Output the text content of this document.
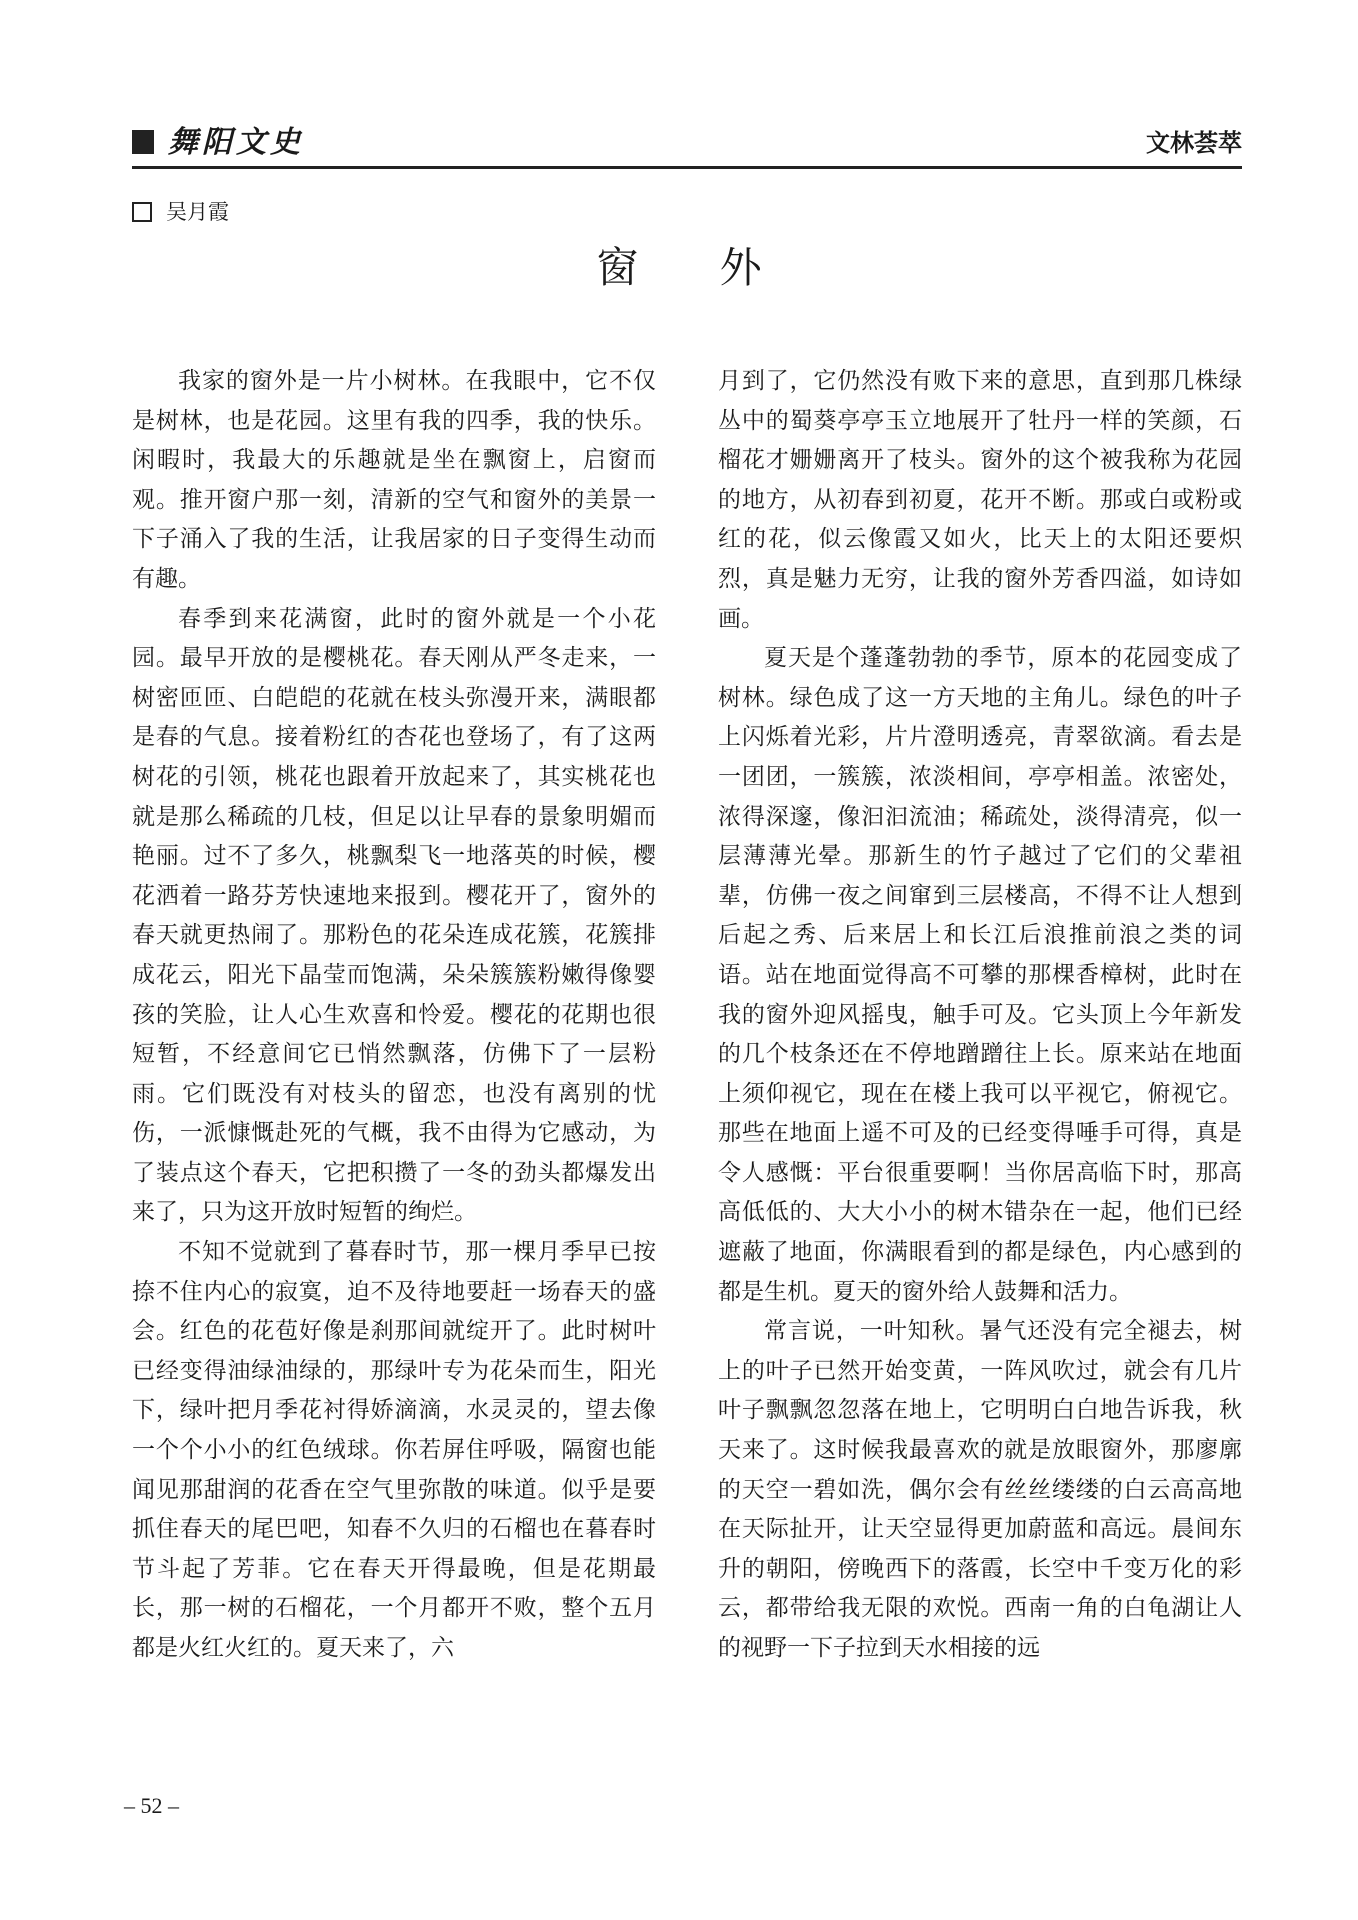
舞阳文史	文林荟萃
吴月霞
窗 外

我家的窗外是一片小树林。在我眼中，它不仅是树林，也是花园。这里有我的四季，我的快乐。闲暇时，我最大的乐趣就是坐在飘窗上，启窗而观。推开窗户那一刻，清新的空气和窗外的美景一下子涌入了我的生活，让我居家的日子变得生动而有趣。

春季到来花满窗，此时的窗外就是一个小花园。最早开放的是樱桃花。春天刚从严冬走来，一树密匝匝、白皑皑的花就在枝头弥漫开来，满眼都是春的气息。接着粉红的杏花也登场了，有了这两树花的引领，桃花也跟着开放起来了，其实桃花也就是那么稀疏的几枝，但足以让早春的景象明媚而艳丽。过不了多久，桃飘梨飞一地落英的时候，樱花洒着一路芬芳快速地来报到。樱花开了，窗外的春天就更热闹了。那粉色的花朵连成花簇，花簇排成花云，阳光下晶莹而饱满，朵朵簇簇粉嫩得像婴孩的笑脸，让人心生欢喜和怜爱。樱花的花期也很短暂，不经意间它已悄然飘落，仿佛下了一层粉雨。它们既没有对枝头的留恋，也没有离别的忧伤，一派慷慨赴死的气概，我不由得为它感动，为了装点这个春天，它把积攒了一冬的劲头都爆发出来了，只为这开放时短暂的绚烂。

不知不觉就到了暮春时节，那一棵月季早已按捺不住内心的寂寞，迫不及待地要赶一场春天的盛会。红色的花苞好像是刹那间就绽开了。此时树叶已经变得油绿油绿的，那绿叶专为花朵而生，阳光下，绿叶把月季花衬得娇滴滴，水灵灵的，望去像一个个小小的红色绒球。你若屏住呼吸，隔窗也能闻见那甜润的花香在空气里弥散的味道。似乎是要抓住春天的尾巴吧，知春不久归的石榴也在暮春时节斗起了芳菲。它在春天开得最晚，但是花期最长，那一树的石榴花，一个月都开不败，整个五月都是火红火红的。夏天来了，六

月到了，它仍然没有败下来的意思，直到那几株绿丛中的蜀葵亭亭玉立地展开了牡丹一样的笑颜，石榴花才姗姗离开了枝头。窗外的这个被我称为花园的地方，从初春到初夏，花开不断。那或白或粉或红的花，似云像霞又如火，比天上的太阳还要炽烈，真是魅力无穷，让我的窗外芳香四溢，如诗如画。

夏天是个蓬蓬勃勃的季节，原本的花园变成了树林。绿色成了这一方天地的主角儿。绿色的叶子上闪烁着光彩，片片澄明透亮，青翠欲滴。看去是一团团，一簇簇，浓淡相间，亭亭相盖。浓密处，浓得深邃，像汩汩流油；稀疏处，淡得清亮，似一层薄薄光晕。那新生的竹子越过了它们的父辈祖辈，仿佛一夜之间窜到三层楼高，不得不让人想到后起之秀、后来居上和长江后浪推前浪之类的词语。站在地面觉得高不可攀的那棵香樟树，此时在我的窗外迎风摇曳，触手可及。它头顶上今年新发的几个枝条还在不停地蹭蹭往上长。原来站在地面上须仰视它，现在在楼上我可以平视它，俯视它。那些在地面上遥不可及的已经变得唾手可得，真是令人感慨：平台很重要啊！当你居高临下时，那高高低低的、大大小小的树木错杂在一起，他们已经遮蔽了地面，你满眼看到的都是绿色，内心感到的都是生机。夏天的窗外给人鼓舞和活力。

常言说，一叶知秋。暑气还没有完全褪去，树上的叶子已然开始变黄，一阵风吹过，就会有几片叶子飘飘忽忽落在地上，它明明白白地告诉我，秋天来了。这时候我最喜欢的就是放眼窗外，那廖廓的天空一碧如洗，偶尔会有丝丝缕缕的白云高高地在天际扯开，让天空显得更加蔚蓝和高远。晨间东升的朝阳，傍晚西下的落霞，长空中千变万化的彩云，都带给我无限的欢悦。西南一角的白龟湖让人的视野一下子拉到天水相接的远

– 52 –
